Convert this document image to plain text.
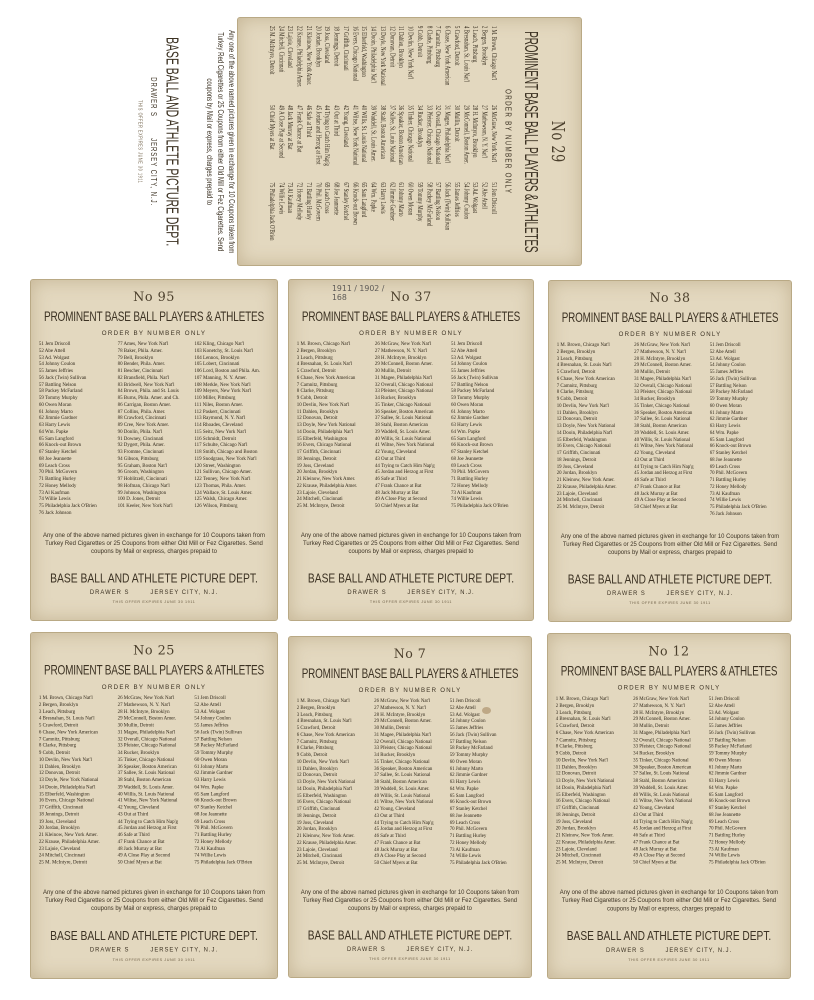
No 29
PROMINENT BASE BALL PLAYERS & ATHLETES
ORDER BY NUMBER ONLY
1 M. Brown, Chicago Nat'l
2 Bergen, Brooklyn
3 Leach, Pittsburg
4 Bresnahan, St. Louis Nat'l
5 Crawford, Detroit
6 Chase, New York American
7 Camnitz, Pittsburg
8 Clarke, Pittsburg
9 Cobb, Detroit
10 Devlin, New York Nat'l
11 Dahlen, Brooklyn
12 Donovan, Detroit
13 Doyle, New York National
14 Dooin, Philadelphia Nat'l
15 Elberfeld, Washington
16 Evers, Chicago National
17 Griffith, Cincinnati
18 Jennings, Detroit
19 Joss, Cleveland
20 Jordan, Brooklyn
21 Kleinow, New York Amer.
22 Krause, Philadelphia Amer.
23 Lajoie, Cleveland
24 Mitchell, Cincinnati
25 M. McIntyre, Detroit
26 McGraw, New York Nat'l
27 Mathewson, N. Y. Nat'l
28 H. McIntyre, Brooklyn
29 McConnell, Boston Amer.
30 Mullin, Detroit
31 Magee, Philadelphia Nat'l
32 Overall, Chicago National
33 Pfeister, Chicago National
34 Rucker, Brooklyn
35 Tinker, Chicago National
36 Speaker, Boston American
37 Sallee, St. Louis National
38 Stahl, Boston American
39 Waddell, St. Louis Amer.
40 Willis, St. Louis National
41 Wiltse, New York National
42 Young, Cleveland
43 Out at Third
44 Trying to Catch Him Nap'g
45 Jordan and Herzog at First
46 Safe at Third
47 Frank Chance at Bat
48 Jack Murray at Bat
49 A Close Play at Second
50 Chief Myers at Bat
51 Jem Driscoll
52 Abe Attell
53 Ad. Wolgast
54 Johnny Coulon
55 James Jeffries
56 Jack (Twin) Sullivan
57 Battling Nelson
58 Packey McFarland
59 Tommy Murphy
60 Owen Moran
61 Johnny Marto
62 Jimmie Gardner
63 Harry Lewis
64 Wm. Papke
65 Sam Langford
66 Knock-out Brown
67 Stanley Ketchel
68 Joe Jeannette
69 Leach Cross
70 Phil. McGovern
71 Battling Hurley
72 Honey Mellody
73 Al Kaufman
74 Willie Lewis
75 Philadelphia Jack O'Brien
Any one of the above named pictures given in exchange for 10 Coupons taken from Turkey Red Cigarettes or 25 Coupons from either Old Mill or Fez Cigarettes. Send coupons by Mail or express, charges prepaid to
BASE BALL AND ATHLETE PICTURE DEPT.
DRAWER S        JERSEY CITY, N.J.
THIS OFFER EXPIRES JUNE 30 1911
No 95
PROMINENT BASE BALL PLAYERS & ATHLETES
ORDER BY NUMBER ONLY
51 Jem Driscoll
52 Abe Attell
53 Ad. Wolgast
54 Johnny Coulon
55 James Jeffries
56 Jack (Twin) Sullivan
57 Battling Nelson
58 Packey McFarland
59 Tommy Murphy
60 Owen Moran
61 Johnny Marto
62 Jimmie Gardner
63 Harry Lewis
64 Wm. Papke
65 Sam Langford
66 Knock-out Brown
67 Stanley Ketchel
68 Joe Jeannette
69 Leach Cross
70 Phil. McGovern
71 Battling Hurley
72 Honey Mellody
73 Al Kaufman
74 Willie Lewis
75 Philadelphia Jack O'Brien
76 Jack Johnson
77 Ames, New York Nat'l
78 Baker, Phila. Amer.
79 Bell, Brooklyn
80 Bender, Phila. Amer.
81 Bescher, Cincinnati
82 Bransfield, Phila. Nat'l
83 Bridwell, New York Nat'l
84 Brown, Phila. and St. Louis
85 Burns, Phila. Amer. and Ch.
86 Carrigan, Boston Amer.
87 Collins, Phila. Amer.
88 Crawford, Cincinnati
89 Cree, New York Amer.
90 Donlin, Phila. Nat'l
91 Downey, Cincinnati
92 Dygert, Phila. Amer.
93 Fromme, Cincinnati
94 Gibson, Pittsburg
95 Graham, Boston Nat'l
96 Groom, Washington
97 Hoblitzell, Cincinnati
98 Hofman, Chicago Nat'l
99 Johnson, Washington
100 D. Jones, Detroit
101 Keeler, New York Nat'l
102 Kling, Chicago Nat'l
103 Konetchy, St. Louis Nat'l
104 Lennox, Brooklyn
105 Lobert, Cincinnati
106 Lord, Boston and Phila. Am.
107 Manning, N. Y. Amer.
108 Merkle, New York Nat'l
109 Meyers, New York Nat'l
110 Miller, Pittsburg
111 Niles, Boston Amer.
112 Paskert, Cincinnati
113 Raymond, N. Y. Nat'l
114 Rhoades, Cleveland
115 Seitz, New York Nat'l
116 Schmidt, Detroit
117 Schulte, Chicago Nat'l
118 Smith, Chicago and Boston
119 Snodgrass, New York Nat'l
120 Street, Washington
121 Sullivan, Chicago Amer.
122 Tenney, New York Nat'l
123 Thomas, Phila. Amer.
124 Wallace, St. Louis Amer.
125 Walsh, Chicago Amer.
126 Wilson, Pittsburg
Any one of the above named pictures given in exchange for 10 Coupons taken from Turkey Red Cigarettes or 25 Coupons from either Old Mill or Fez Cigarettes. Send coupons by Mail or express, charges prepaid to
BASE BALL AND ATHLETE PICTURE DEPT.
DRAWER S	JERSEY CITY, N.J.
THIS OFFER EXPIRES JUNE 30 1911
No 37
PROMINENT BASE BALL PLAYERS & ATHLETES
ORDER BY NUMBER ONLY
1 M. Brown, Chicago Nat'l
2 Bergen, Brooklyn
3 Leach, Pittsburg
4 Bresnahan, St. Louis Nat'l
5 Crawford, Detroit
6 Chase, New York American
7 Camnitz, Pittsburg
8 Clarke, Pittsburg
9 Cobb, Detroit
10 Devlin, New York Nat'l
11 Dahlen, Brooklyn
12 Donovan, Detroit
13 Doyle, New York National
14 Dooin, Philadelphia Nat'l
15 Elberfeld, Washington
16 Evers, Chicago National
17 Griffith, Cincinnati
18 Jennings, Detroit
19 Joss, Cleveland
20 Jordan, Brooklyn
21 Kleinow, New York Amer.
22 Krause, Philadelphia Amer.
23 Lajoie, Cleveland
24 Mitchell, Cincinnati
25 M. McIntyre, Detroit
26 McGraw, New York Nat'l
27 Mathewson, N. Y. Nat'l
28 H. McIntyre, Brooklyn
29 McConnell, Boston Amer.
30 Mullin, Detroit
31 Magee, Philadelphia Nat'l
32 Overall, Chicago National
33 Pfeister, Chicago National
34 Rucker, Brooklyn
35 Tinker, Chicago National
36 Speaker, Boston American
37 Sallee, St. Louis National
38 Stahl, Boston American
39 Waddell, St. Louis Amer.
40 Willis, St. Louis National
41 Wiltse, New York National
42 Young, Cleveland
43 Out at Third
44 Trying to Catch Him Nap'g
45 Jordan and Herzog at First
46 Safe at Third
47 Frank Chance at Bat
48 Jack Murray at Bat
49 A Close Play at Second
50 Chief Myers at Bat
51 Jem Driscoll
52 Abe Attell
53 Ad. Wolgast
54 Johnny Coulon
55 James Jeffries
56 Jack (Twin) Sullivan
57 Battling Nelson
58 Packey McFarland
59 Tommy Murphy
60 Owen Moran
61 Johnny Marto
62 Jimmie Gardner
63 Harry Lewis
64 Wm. Papke
65 Sam Langford
66 Knock-out Brown
67 Stanley Ketchel
68 Joe Jeannette
69 Leach Cross
70 Phil. McGovern
71 Battling Hurley
72 Honey Mellody
73 Al Kaufman
74 Willie Lewis
75 Philadelphia Jack O'Brien
Any one of the above named pictures given in exchange for 10 Coupons taken from Turkey Red Cigarettes or 25 Coupons from either Old Mill or Fez Cigarettes. Send coupons by Mail or express, charges prepaid to
BASE BALL AND ATHLETE PICTURE DEPT.
DRAWER S	JERSEY CITY, N.J.
THIS OFFER EXPIRES JUNE 30 1911
1911 / 1902 / 168	No 38
PROMINENT BASE BALL PLAYERS & ATHLETES
ORDER BY NUMBER ONLY
1 M. Brown, Chicago Nat'l
2 Bergen, Brooklyn
3 Leach, Pittsburg
4 Bresnahan, St. Louis Nat'l
5 Crawford, Detroit
6 Chase, New York American
7 Camnitz, Pittsburg
8 Clarke, Pittsburg
9 Cobb, Detroit
10 Devlin, New York Nat'l
11 Dahlen, Brooklyn
12 Donovan, Detroit
13 Doyle, New York National
14 Dooin, Philadelphia Nat'l
15 Elberfeld, Washington
16 Evers, Chicago National
17 Griffith, Cincinnati
18 Jennings, Detroit
19 Joss, Cleveland
20 Jordan, Brooklyn
21 Kleinow, New York Amer.
22 Krause, Philadelphia Amer.
23 Lajoie, Cleveland
24 Mitchell, Cincinnati
25 M. McIntyre, Detroit
26 McGraw, New York Nat'l
27 Mathewson, N. Y. Nat'l
28 H. McIntyre, Brooklyn
29 McConnell, Boston Amer.
30 Mullin, Detroit
31 Magee, Philadelphia Nat'l
32 Overall, Chicago National
33 Pfeister, Chicago National
34 Rucker, Brooklyn
35 Tinker, Chicago National
36 Speaker, Boston American
37 Sallee, St. Louis National
38 Stahl, Boston American
39 Waddell, St. Louis Amer.
40 Willis, St. Louis National
41 Wiltse, New York National
42 Young, Cleveland
43 Out at Third
44 Trying to Catch Him Nap'g
45 Jordan and Herzog at First
46 Safe at Third
47 Frank Chance at Bat
48 Jack Murray at Bat
49 A Close Play at Second
50 Chief Myers at Bat
51 Jem Driscoll
52 Abe Attell
53 Ad. Wolgast
54 Johnny Coulon
55 James Jeffries
56 Jack (Twin) Sullivan
57 Battling Nelson
58 Packey McFarland
59 Tommy Murphy
60 Owen Moran
61 Johnny Marto
62 Jimmie Gardner
63 Harry Lewis
64 Wm. Papke
65 Sam Langford
66 Knock-out Brown
67 Stanley Ketchel
68 Joe Jeannette
69 Leach Cross
70 Phil. McGovern
71 Battling Hurley
72 Honey Mellody
73 Al Kaufman
74 Willie Lewis
75 Philadelphia Jack O'Brien
76 Jack Johnson
Any one of the above named pictures given in exchange for 10 Coupons taken from Turkey Red Cigarettes or 25 Coupons from either Old Mill or Fez Cigarettes. Send coupons by Mail or express, charges prepaid to
BASE BALL AND ATHLETE PICTURE DEPT.
DRAWER S	JERSEY CITY, N.J.
THIS OFFER EXPIRES JUNE 30 1911
No 25
PROMINENT BASE BALL PLAYERS & ATHLETES
ORDER BY NUMBER ONLY
1 M. Brown, Chicago Nat'l
2 Bergen, Brooklyn
3 Leach, Pittsburg
4 Bresnahan, St. Louis Nat'l
5 Crawford, Detroit
6 Chase, New York American
7 Camnitz, Pittsburg
8 Clarke, Pittsburg
9 Cobb, Detroit
10 Devlin, New York Nat'l
11 Dahlen, Brooklyn
12 Donovan, Detroit
13 Doyle, New York National
14 Dooin, Philadelphia Nat'l
15 Elberfeld, Washington
16 Evers, Chicago National
17 Griffith, Cincinnati
18 Jennings, Detroit
19 Joss, Cleveland
20 Jordan, Brooklyn
21 Kleinow, New York Amer.
22 Krause, Philadelphia Amer.
23 Lajoie, Cleveland
24 Mitchell, Cincinnati
25 M. McIntyre, Detroit
26 McGraw, New York Nat'l
27 Mathewson, N. Y. Nat'l
28 H. McIntyre, Brooklyn
29 McConnell, Boston Amer.
30 Mullin, Detroit
31 Magee, Philadelphia Nat'l
32 Overall, Chicago National
33 Pfeister, Chicago National
34 Rucker, Brooklyn
35 Tinker, Chicago National
36 Speaker, Boston American
37 Sallee, St. Louis National
38 Stahl, Boston American
39 Waddell, St. Louis Amer.
40 Willis, St. Louis National
41 Wiltse, New York National
42 Young, Cleveland
43 Out at Third
44 Trying to Catch Him Nap'g
45 Jordan and Herzog at First
46 Safe at Third
47 Frank Chance at Bat
48 Jack Murray at Bat
49 A Close Play at Second
50 Chief Myers at Bat
51 Jem Driscoll
52 Abe Attell
53 Ad. Wolgast
54 Johnny Coulon
55 James Jeffries
56 Jack (Twin) Sullivan
57 Battling Nelson
58 Packey McFarland
59 Tommy Murphy
60 Owen Moran
61 Johnny Marto
62 Jimmie Gardner
63 Harry Lewis
64 Wm. Papke
65 Sam Langford
66 Knock-out Brown
67 Stanley Ketchel
68 Joe Jeannette
69 Leach Cross
70 Phil. McGovern
71 Battling Hurley
72 Honey Mellody
73 Al Kaufman
74 Willie Lewis
75 Philadelphia Jack O'Brien
Any one of the above named pictures given in exchange for 10 Coupons taken from Turkey Red Cigarettes or 25 Coupons from either Old Mill or Fez Cigarettes. Send coupons by Mail or express, charges prepaid to
BASE BALL AND ATHLETE PICTURE DEPT.
DRAWER S	JERSEY CITY, N.J.
THIS OFFER EXPIRES JUNE 30 1911
No 7
PROMINENT BASE BALL PLAYERS & ATHLETES
ORDER BY NUMBER ONLY
1 M. Brown, Chicago Nat'l
2 Bergen, Brooklyn
3 Leach, Pittsburg
4 Bresnahan, St. Louis Nat'l
5 Crawford, Detroit
6 Chase, New York American
7 Camnitz, Pittsburg
8 Clarke, Pittsburg
9 Cobb, Detroit
10 Devlin, New York Nat'l
11 Dahlen, Brooklyn
12 Donovan, Detroit
13 Doyle, New York National
14 Dooin, Philadelphia Nat'l
15 Elberfeld, Washington
16 Evers, Chicago National
17 Griffith, Cincinnati
18 Jennings, Detroit
19 Joss, Cleveland
20 Jordan, Brooklyn
21 Kleinow, New York Amer.
22 Krause, Philadelphia Amer.
23 Lajoie, Cleveland
24 Mitchell, Cincinnati
25 M. McIntyre, Detroit
26 McGraw, New York Nat'l
27 Mathewson, N. Y. Nat'l
28 H. McIntyre, Brooklyn
29 McConnell, Boston Amer.
30 Mullin, Detroit
31 Magee, Philadelphia Nat'l
32 Overall, Chicago National
33 Pfeister, Chicago National
34 Rucker, Brooklyn
35 Tinker, Chicago National
36 Speaker, Boston American
37 Sallee, St. Louis National
38 Stahl, Boston American
39 Waddell, St. Louis Amer.
40 Willis, St. Louis National
41 Wiltse, New York National
42 Young, Cleveland
43 Out at Third
44 Trying to Catch Him Nap'g
45 Jordan and Herzog at First
46 Safe at Third
47 Frank Chance at Bat
48 Jack Murray at Bat
49 A Close Play at Second
50 Chief Myers at Bat
51 Jem Driscoll
52 Abe Attell
53 Ad. Wolgast
54 Johnny Coulon
55 James Jeffries
56 Jack (Twin) Sullivan
57 Battling Nelson
58 Packey McFarland
59 Tommy Murphy
60 Owen Moran
61 Johnny Marto
62 Jimmie Gardner
63 Harry Lewis
64 Wm. Papke
65 Sam Langford
66 Knock-out Brown
67 Stanley Ketchel
68 Joe Jeannette
69 Leach Cross
70 Phil. McGovern
71 Battling Hurley
72 Honey Mellody
73 Al Kaufman
74 Willie Lewis
75 Philadelphia Jack O'Brien
Any one of the above named pictures given in exchange for 10 Coupons taken from Turkey Red Cigarettes or 25 Coupons from either Old Mill or Fez Cigarettes. Send coupons by Mail or express, charges prepaid to
BASE BALL AND ATHLETE PICTURE DEPT.
DRAWER S	JERSEY CITY, N.J.
THIS OFFER EXPIRES JUNE 30 1911
No 12
PROMINENT BASE BALL PLAYERS & ATHLETES
ORDER BY NUMBER ONLY
1 M. Brown, Chicago Nat'l
2 Bergen, Brooklyn
3 Leach, Pittsburg
4 Bresnahan, St. Louis Nat'l
5 Crawford, Detroit
6 Chase, New York American
7 Camnitz, Pittsburg
8 Clarke, Pittsburg
9 Cobb, Detroit
10 Devlin, New York Nat'l
11 Dahlen, Brooklyn
12 Donovan, Detroit
13 Doyle, New York National
14 Dooin, Philadelphia Nat'l
15 Elberfeld, Washington
16 Evers, Chicago National
17 Griffith, Cincinnati
18 Jennings, Detroit
19 Joss, Cleveland
20 Jordan, Brooklyn
21 Kleinow, New York Amer.
22 Krause, Philadelphia Amer.
23 Lajoie, Cleveland
24 Mitchell, Cincinnati
25 M. McIntyre, Detroit
26 McGraw, New York Nat'l
27 Mathewson, N. Y. Nat'l
28 H. McIntyre, Brooklyn
29 McConnell, Boston Amer.
30 Mullin, Detroit
31 Magee, Philadelphia Nat'l
32 Overall, Chicago National
33 Pfeister, Chicago National
34 Rucker, Brooklyn
35 Tinker, Chicago National
36 Speaker, Boston American
37 Sallee, St. Louis National
38 Stahl, Boston American
39 Waddell, St. Louis Amer.
40 Willis, St. Louis National
41 Wiltse, New York National
42 Young, Cleveland
43 Out at Third
44 Trying to Catch Him Nap'g
45 Jordan and Herzog at First
46 Safe at Third
47 Frank Chance at Bat
48 Jack Murray at Bat
49 A Close Play at Second
50 Chief Myers at Bat
51 Jem Driscoll
52 Abe Attell
53 Ad. Wolgast
54 Johnny Coulon
55 James Jeffries
56 Jack (Twin) Sullivan
57 Battling Nelson
58 Packey McFarland
59 Tommy Murphy
60 Owen Moran
61 Johnny Marto
62 Jimmie Gardner
63 Harry Lewis
64 Wm. Papke
65 Sam Langford
66 Knock-out Brown
67 Stanley Ketchel
68 Joe Jeannette
69 Leach Cross
70 Phil. McGovern
71 Battling Hurley
72 Honey Mellody
73 Al Kaufman
74 Willie Lewis
75 Philadelphia Jack O'Brien
Any one of the above named pictures given in exchange for 10 Coupons taken from Turkey Red Cigarettes or 25 Coupons from either Old Mill or Fez Cigarettes. Send coupons by Mail or express, charges prepaid to
BASE BALL AND ATHLETE PICTURE DEPT.
DRAWER S	JERSEY CITY, N.J.
THIS OFFER EXPIRES JUNE 30 1911
